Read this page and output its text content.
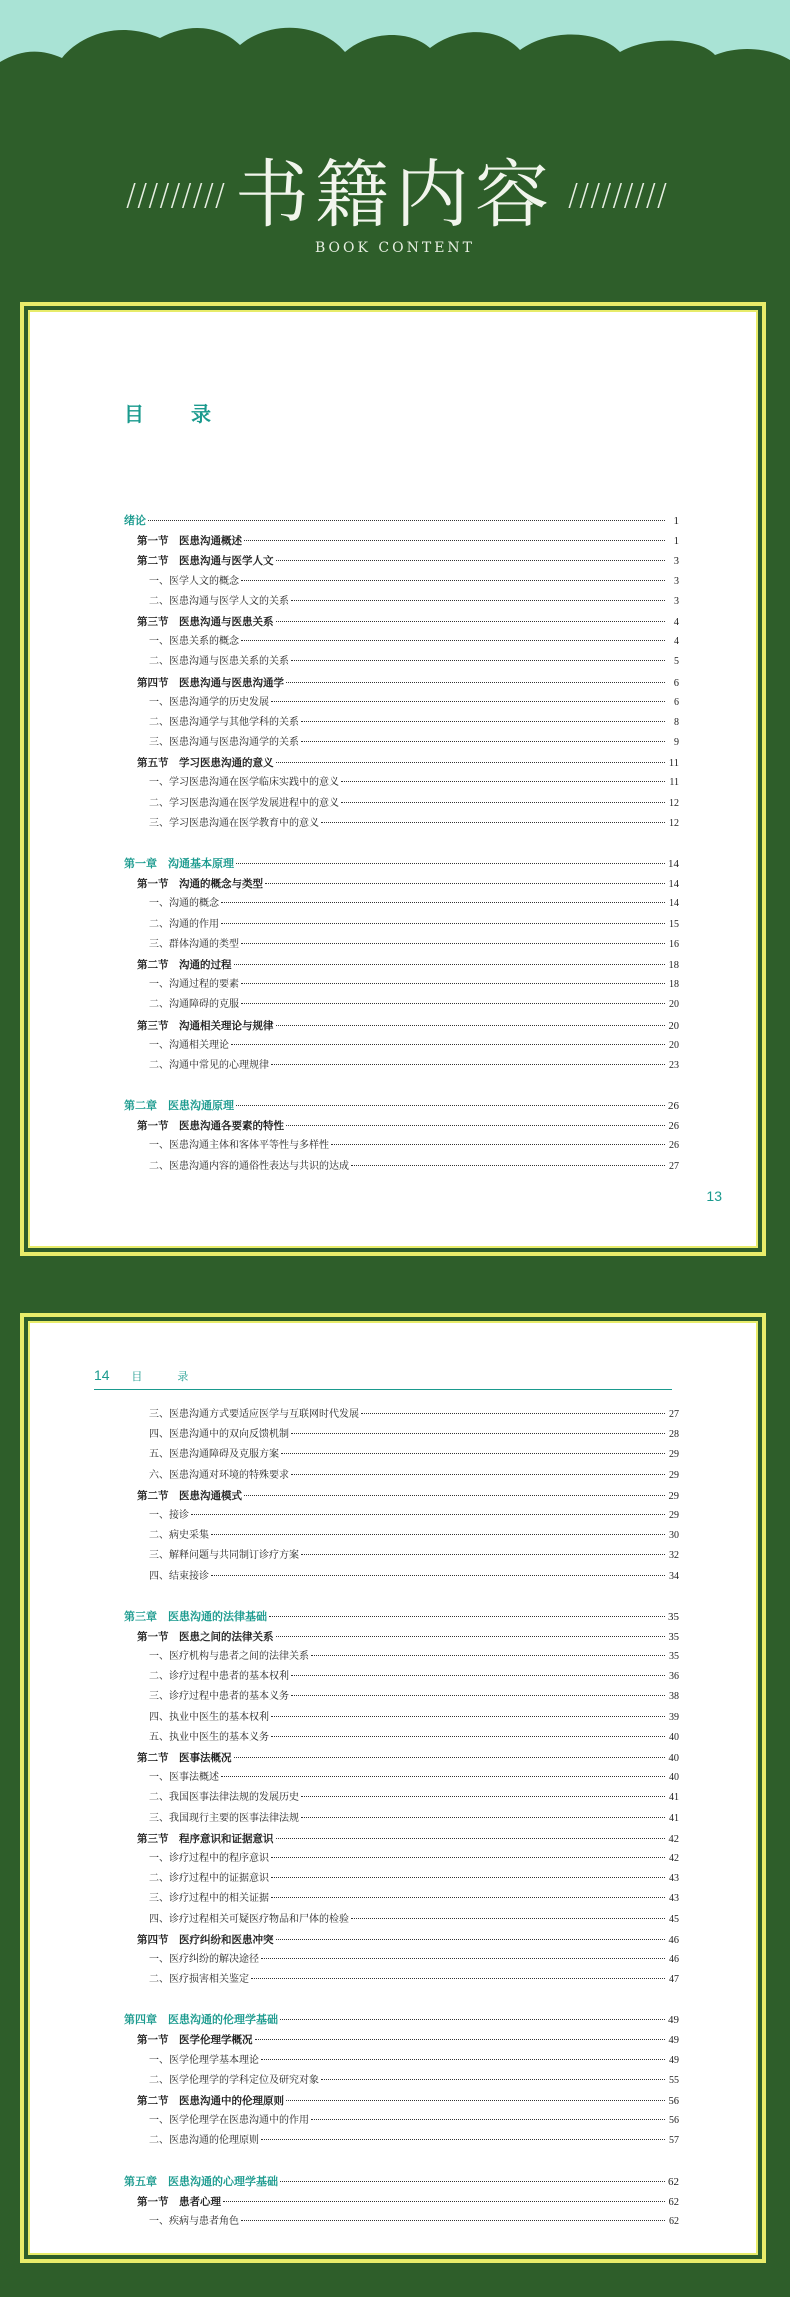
///////// 书籍内容 /////////
BOOK CONTENT
目 录
绪论	1
第一节　医患沟通概述	1
第二节　医患沟通与医学人文	3
一、医学人文的概念	3
二、医患沟通与医学人文的关系	3
第三节　医患沟通与医患关系	4
一、医患关系的概念	4
二、医患沟通与医患关系的关系	5
第四节　医患沟通与医患沟通学	6
一、医患沟通学的历史发展	6
二、医患沟通学与其他学科的关系	8
三、医患沟通与医患沟通学的关系	9
第五节　学习医患沟通的意义	11
一、学习医患沟通在医学临床实践中的意义	11
二、学习医患沟通在医学发展进程中的意义	12
三、学习医患沟通在医学教育中的意义	12
第一章　沟通基本原理	14
第一节　沟通的概念与类型	14
一、沟通的概念	14
二、沟通的作用	15
三、群体沟通的类型	16
第二节　沟通的过程	18
一、沟通过程的要素	18
二、沟通障碍的克服	20
第三节　沟通相关理论与规律	20
一、沟通相关理论	20
二、沟通中常见的心理规律	23
第二章　医患沟通原理	26
第一节　医患沟通各要素的特性	26
一、医患沟通主体和客体平等性与多样性	26
二、医患沟通内容的通俗性表达与共识的达成	27
13
14 目　录
三、医患沟通方式要适应医学与互联网时代发展	27
四、医患沟通中的双向反馈机制	28
五、医患沟通障碍及克服方案	29
六、医患沟通对环境的特殊要求	29
第二节　医患沟通模式	29
一、接诊	29
二、病史采集	30
三、解释问题与共同制订诊疗方案	32
四、结束接诊	34
第三章　医患沟通的法律基础	35
第一节　医患之间的法律关系	35
一、医疗机构与患者之间的法律关系	35
二、诊疗过程中患者的基本权利	36
三、诊疗过程中患者的基本义务	38
四、执业中医生的基本权利	39
五、执业中医生的基本义务	40
第二节　医事法概况	40
一、医事法概述	40
二、我国医事法律法规的发展历史	41
三、我国现行主要的医事法律法规	41
第三节　程序意识和证据意识	42
一、诊疗过程中的程序意识	42
二、诊疗过程中的证据意识	43
三、诊疗过程中的相关证据	43
四、诊疗过程相关可疑医疗物品和尸体的检验	45
第四节　医疗纠纷和医患冲突	46
一、医疗纠纷的解决途径	46
二、医疗损害相关鉴定	47
第四章　医患沟通的伦理学基础	49
第一节　医学伦理学概况	49
一、医学伦理学基本理论	49
二、医学伦理学的学科定位及研究对象	55
第二节　医患沟通中的伦理原则	56
一、医学伦理学在医患沟通中的作用	56
二、医患沟通的伦理原则	57
第五章　医患沟通的心理学基础	62
第一节　患者心理	62
一、疾病与患者角色	62
